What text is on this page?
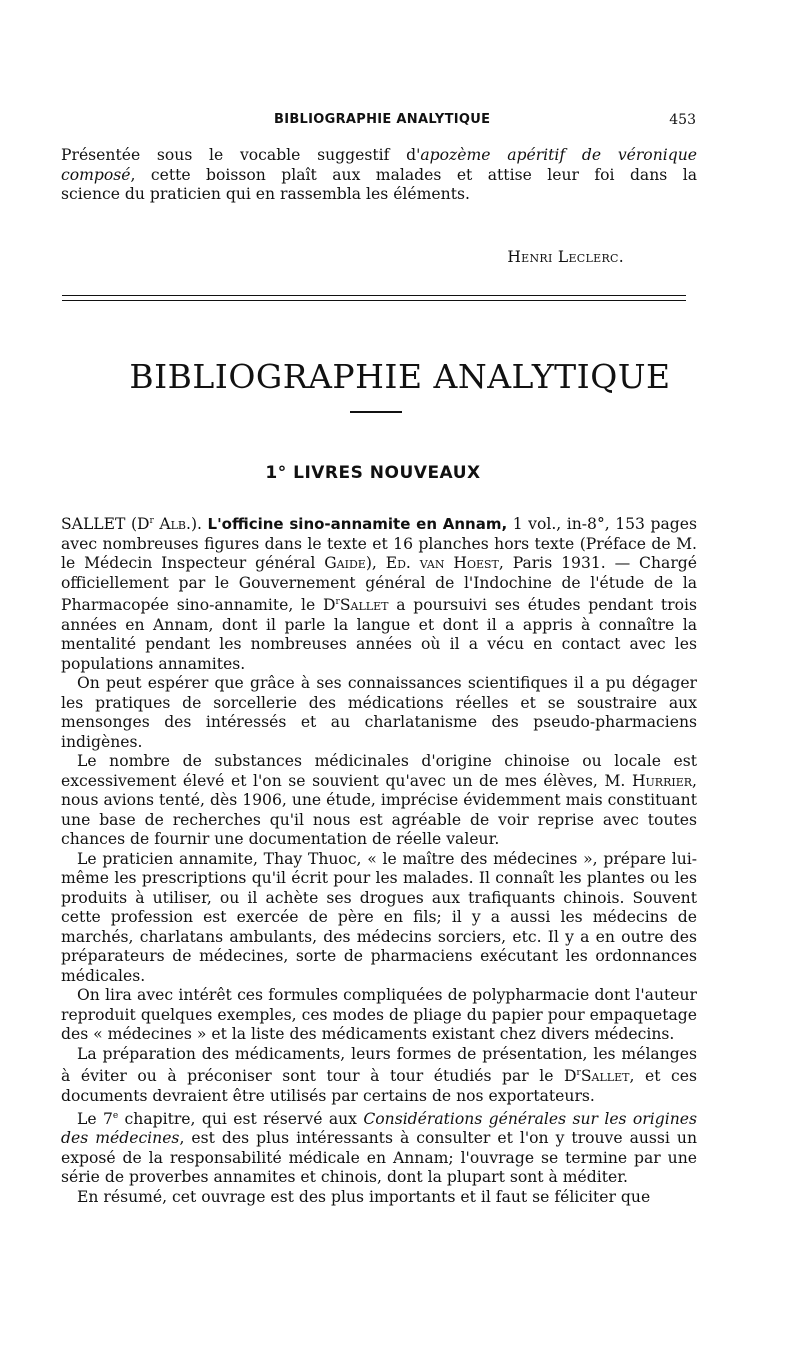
BIBLIOGRAPHIE ANALYTIQUE	453
Présentée sous le vocable suggestif d'apozème apéritif de véronique
composé, cette boisson plaît aux malades et attise leur foi dans la
science du praticien qui en rassembla les éléments.
Henri Leclerc.
BIBLIOGRAPHIE ANALYTIQUE
1° LIVRES NOUVEAUX

SALLET ($D^r$ Alb.). L'officine sino-annamite en Annam, 1 vol., in-8°, 153 pages avec nombreuses figures dans le texte et 16 planches hors texte (Préface de M. le Médecin Inspecteur général Gaide), Ed. van Hoest, Paris 1931. — Chargé officiellement par le Gouvernement général de l'Indochine de l'étude de la Pharmacopée sino-annamite, le $D^rSallet$ a poursuivi ses études pendant trois années en Annam, dont il parle la langue et dont il a appris à connaître la mentalité pendant les nombreuses années où il a vécu en contact avec les populations annamites.

On peut espérer que grâce à ses connaissances scientifiques il a pu dégager les pratiques de sorcellerie des médications réelles et se soustraire aux mensonges des intéressés et au charlatanisme des pseudo-pharmaciens indigènes.

Le nombre de substances médicinales d'origine chinoise ou locale est excessivement élevé et l'on se souvient qu'avec un de mes élèves, M. Hurrier, nous avions tenté, dès 1906, une étude, imprécise évidemment mais constituant une base de recherches qu'il nous est agréable de voir reprise avec toutes chances de fournir une documentation de réelle valeur.

Le praticien annamite, Thay Thuoc, « le maître des médecines », prépare lui-même les prescriptions qu'il écrit pour les malades. Il connaît les plantes ou les produits à utiliser, ou il achète ses drogues aux trafiquants chinois. Souvent cette profession est exercée de père en fils; il y a aussi les médecins de marchés, charlatans ambulants, des médecins sorciers, etc. Il y a en outre des préparateurs de médecines, sorte de pharmaciens exécutant les ordonnances médicales.

On lira avec intérêt ces formules compliquées de polypharmacie dont l'auteur reproduit quelques exemples, ces modes de pliage du papier pour empaquetage des « médecines » et la liste des médicaments existant chez divers médecins.

La préparation des médicaments, leurs formes de présentation, les mélanges à éviter ou à préconiser sont tour à tour étudiés par le $D^rSallet$, et ces documents devraient être utilisés par certains de nos exportateurs.

Le 7e chapitre, qui est réservé aux Considérations générales sur les origines des médecines, est des plus intéressants à consulter et l'on y trouve aussi un exposé de la responsabilité médicale en Annam; l'ouvrage se termine par une série de proverbes annamites et chinois, dont la plupart sont à méditer.

En résumé, cet ouvrage est des plus importants et il faut se féliciter que
